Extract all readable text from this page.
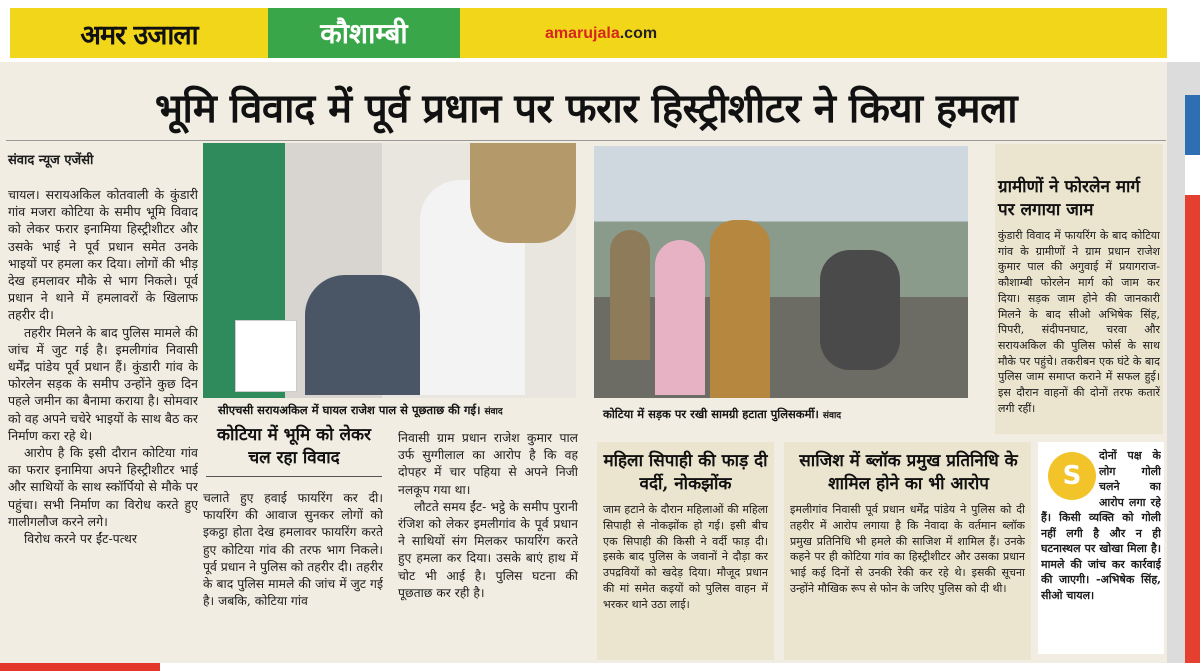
अमर उजाला	कौशाम्बी	amarujala.com
भूमि विवाद में पूर्व प्रधान पर फरार हिस्ट्रीशीटर ने किया हमला
संवाद न्यूज एजेंसी

चायल। सरायअकिल कोतवाली के कुंडारी गांव मजरा कोटिया के समीप भूमि विवाद को लेकर फरार इनामिया हिस्ट्रीशीटर और उसके भाई ने पूर्व प्रधान समेत उनके भाइयों पर हमला कर दिया। लोगों की भीड़ देख हमलावर मौके से भाग निकले। पूर्व प्रधान ने थाने में हमलावरों के खिलाफ तहरीर दी।

तहरीर मिलने के बाद पुलिस मामले की जांच में जुट गई है। इमलीगांव निवासी धर्मेंद्र पांडेय पूर्व प्रधान हैं। कुंडारी गांव के फोरलेन सड़क के समीप उन्होंने कुछ दिन पहले जमीन का बैनामा कराया है। सोमवार को वह अपने चचेरे भाइयों के साथ बैठ कर निर्माण करा रहे थे।

आरोप है कि इसी दौरान कोटिया गांव का फरार इनामिया अपने हिस्ट्रीशीटर भाई और साथियों के साथ स्कॉर्पियो से मौके पर पहुंचा। सभी निर्माण का विरोध करते हुए गालीगलौज करने लगे।

विरोध करने पर ईंट-पत्थर

सीएचसी सरायअकिल में घायल राजेश पाल से पूछताछ की गई। संवाद	कोटिया में सड़क पर रखी सामग्री हटाता पुलिसकर्मी। संवाद
कोटिया में भूमि को लेकर चल रहा विवाद

चलाते हुए हवाई फायरिंग कर दी। फायरिंग की आवाज सुनकर लोगों को इकट्ठा होता देख हमलावर फायरिंग करते हुए कोटिया गांव की तरफ भाग निकले। पूर्व प्रधान ने पुलिस को तहरीर दी। तहरीर के बाद पुलिस मामले की जांच में जुट गई है। जबकि, कोटिया गांव

निवासी ग्राम प्रधान राजेश कुमार पाल उर्फ सुग्गीलाल का आरोप है कि वह दोपहर में चार पहिया से अपने निजी नलकूप गया था।

लौटते समय ईंट- भट्ठे के समीप पुरानी रंजिश को लेकर इमलीगांव के पूर्व प्रधान ने साथियों संग मिलकर फायरिंग करते हुए हमला कर दिया। उसके बाएं हाथ में चोट भी आई है। पुलिस घटना की पूछताछ कर रही है।

ग्रामीणों ने फोरलेन मार्ग पर लगाया जाम
कुंडारी विवाद में फायरिंग के बाद कोटिया गांव के ग्रामीणों ने ग्राम प्रधान राजेश कुमार पाल की अगुवाई में प्रयागराज-कौशाम्बी फोरलेन मार्ग को जाम कर दिया। सड़क जाम होने की जानकारी मिलने के बाद सीओ अभिषेक सिंह, पिपरी, संदीपनघाट, चरवा और सरायअकिल की पुलिस फोर्स के साथ मौके पर पहुंचे। तकरीबन एक घंटे के बाद पुलिस जाम समाप्त कराने में सफल हुई। इस दौरान वाहनों की दोनों तरफ कतारें लगी रहीं।
महिला सिपाही की फाड़ दी वर्दी, नोकझोंक
जाम हटाने के दौरान महिलाओं की महिला सिपाही से नोकझोंक हो गई। इसी बीच एक सिपाही की किसी ने वर्दी फाड़ दी। इसके बाद पुलिस के जवानों ने दौड़ा कर उपद्रवियों को खदेड़ दिया। मौजूद प्रधान की मां समेत कइयों को पुलिस वाहन में भरकर थाने उठा लाई।
साजिश में ब्लॉक प्रमुख प्रतिनिधि के शामिल होने का भी आरोप
इमलीगांव निवासी पूर्व प्रधान धर्मेंद्र पांडेय ने पुलिस को दी तहरीर में आरोप लगाया है कि नेवादा के वर्तमान ब्लॉक प्रमुख प्रतिनिधि भी हमले की साजिश में शामिल हैं। उनके कहने पर ही कोटिया गांव का हिस्ट्रीशीटर और उसका प्रधान भाई कई दिनों से उनकी रेकी कर रहे थे। इसकी सूचना उन्होंने मौखिक रूप से फोन के जरिए पुलिस को दी थी।
दोनों पक्ष के लोग गोली चलने का आरोप लगा रहे हैं। किसी व्यक्ति को गोली नहीं लगी है और न ही घटनास्थल पर खोखा मिला है। मामले की जांच कर कार्रवाई की जाएगी। -अभिषेक सिंह, सीओ चायल।
S
